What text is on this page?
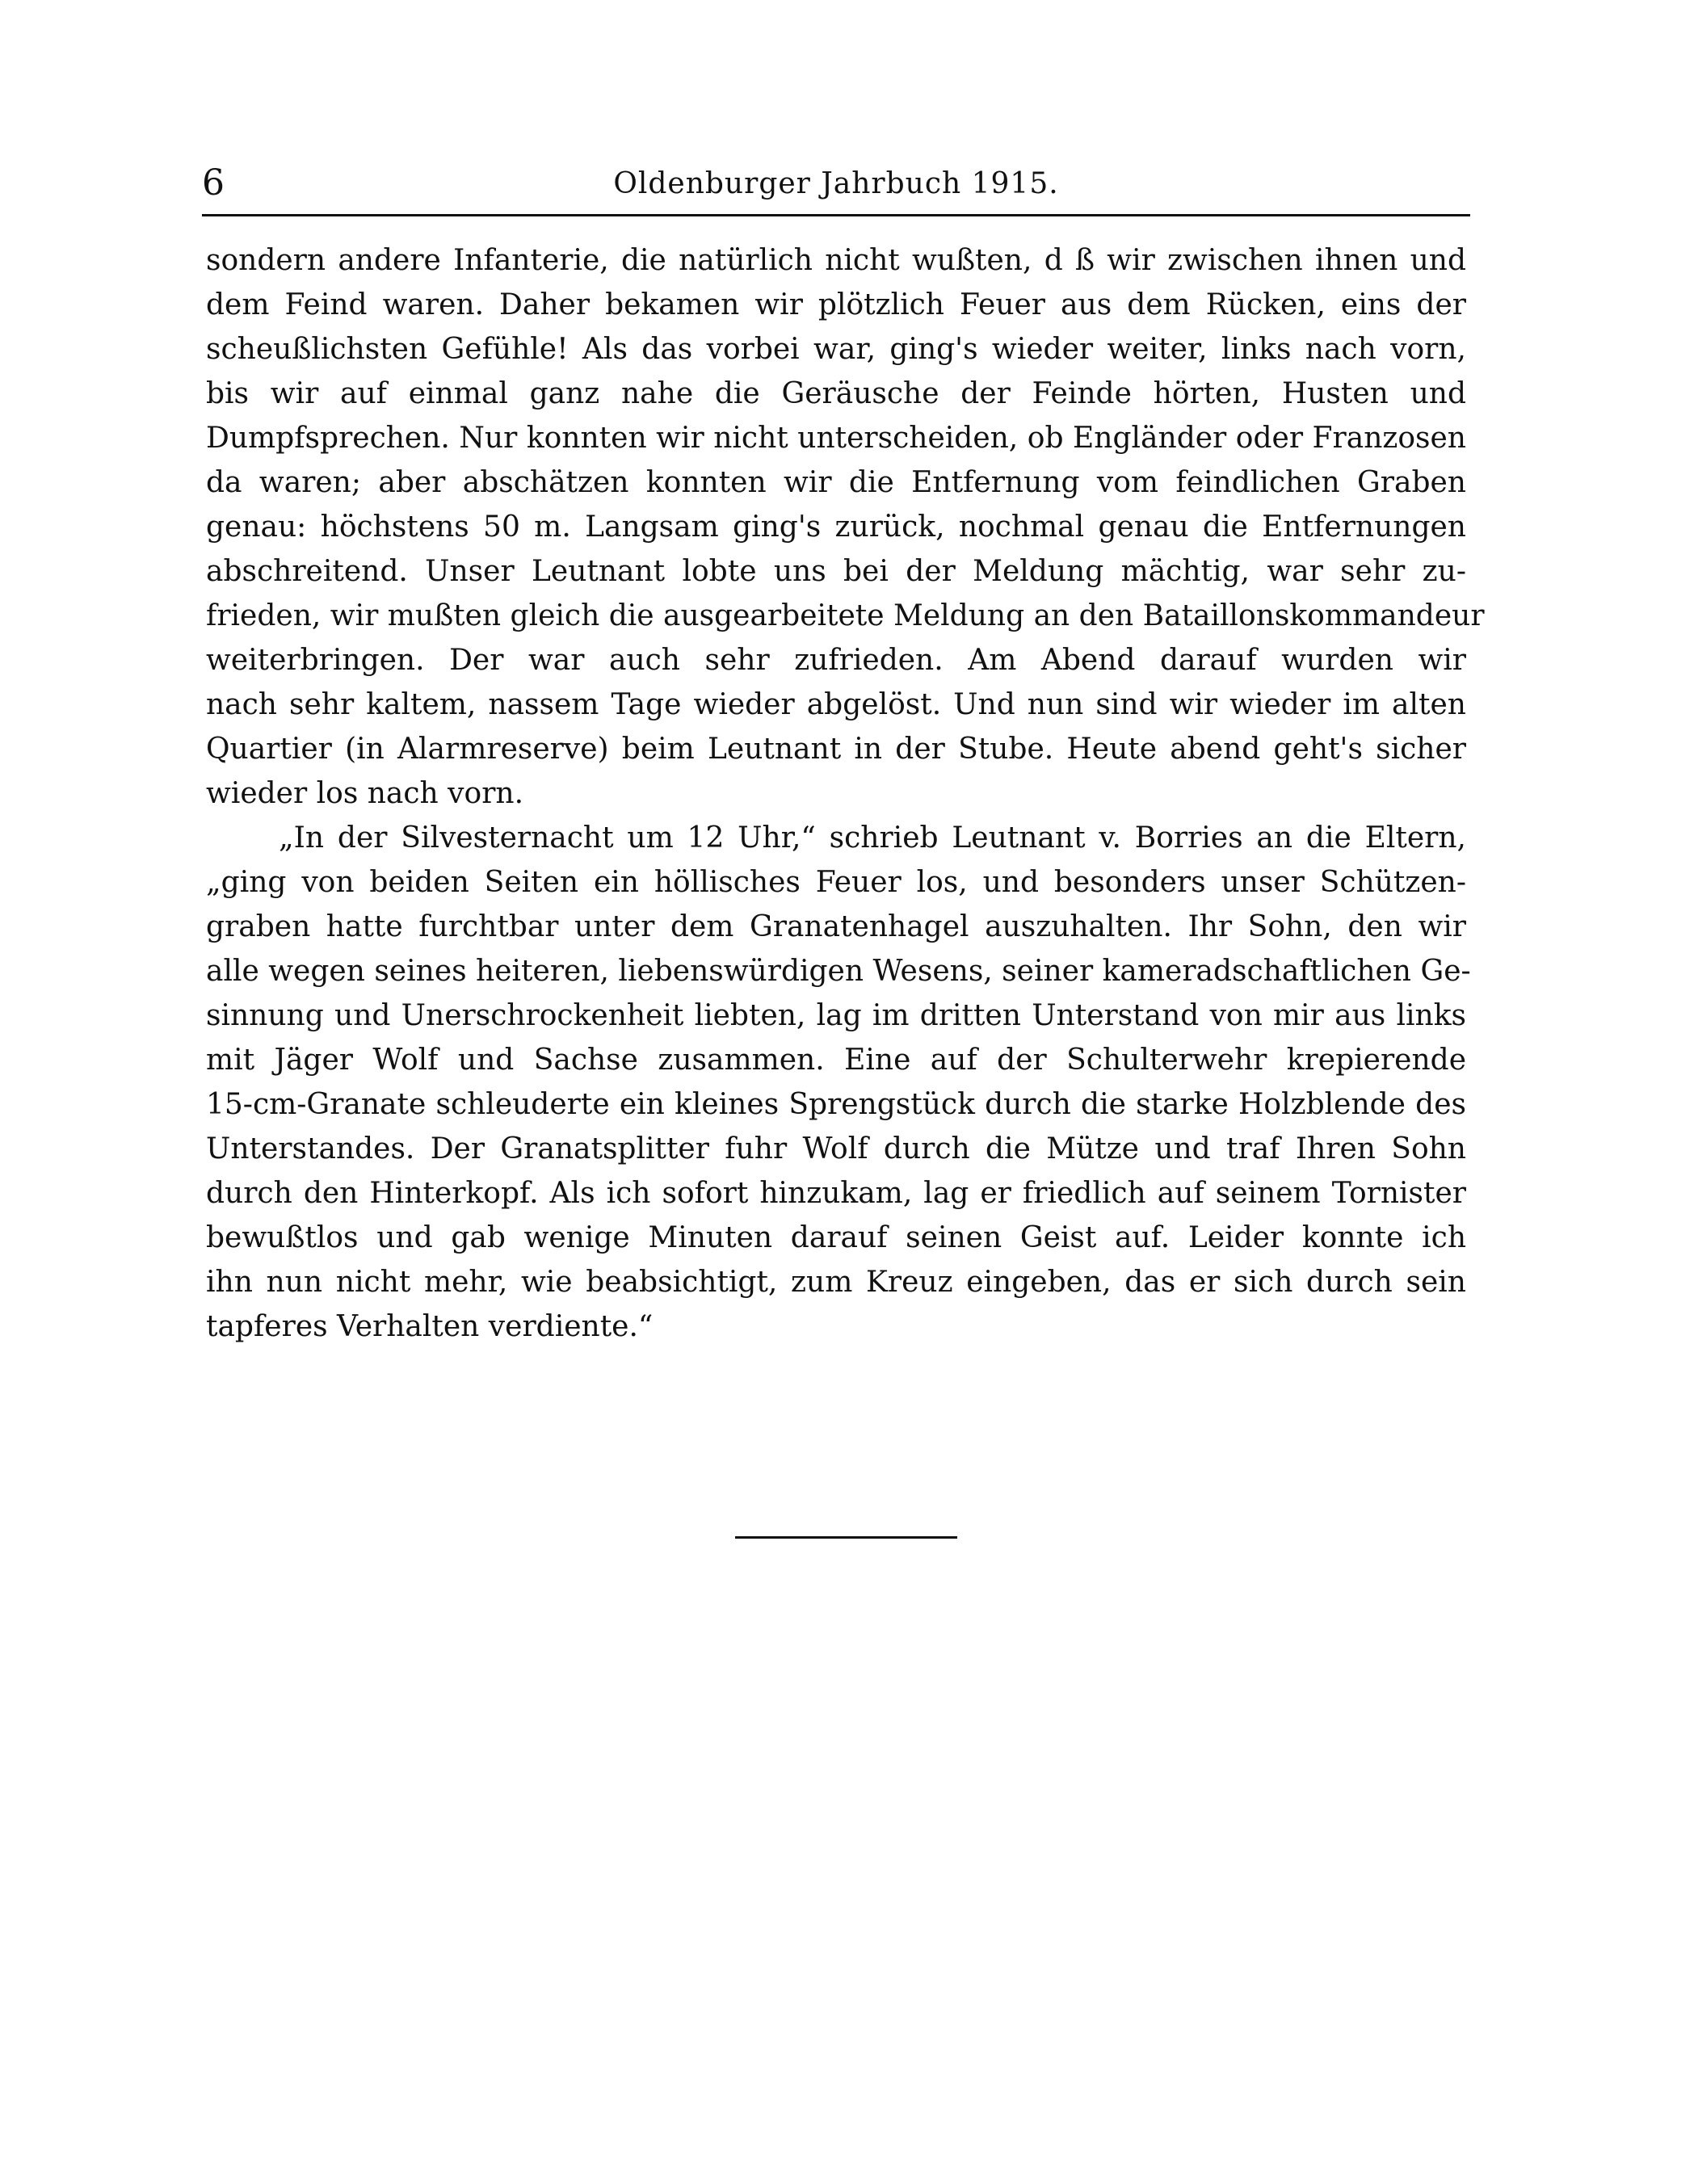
6	Oldenburger Jahrbuch 1915.
sondern andere Infanterie, die natürlich nicht wußten, d ß wir zwischen ihnen und
dem Feind waren. Daher bekamen wir plötzlich Feuer aus dem Rücken, eins der
scheußlichsten Gefühle! Als das vorbei war, ging's wieder weiter, links nach vorn,
bis wir auf einmal ganz nahe die Geräusche der Feinde hörten, Husten und
Dumpfsprechen. Nur konnten wir nicht unterscheiden, ob Engländer oder Franzosen
da waren; aber abschätzen konnten wir die Entfernung vom feindlichen Graben
genau: höchstens 50 m. Langsam ging's zurück, nochmal genau die Entfernungen
abschreitend. Unser Leutnant lobte uns bei der Meldung mächtig, war sehr zu-
frieden, wir mußten gleich die ausgearbeitete Meldung an den Bataillonskommandeur
weiterbringen. Der war auch sehr zufrieden. Am Abend darauf wurden wir
nach sehr kaltem, nassem Tage wieder abgelöst. Und nun sind wir wieder im alten
Quartier (in Alarmreserve) beim Leutnant in der Stube. Heute abend geht's sicher
wieder los nach vorn.
„In der Silvesternacht um 12 Uhr,“ schrieb Leutnant v. Borries an die Eltern,
„ging von beiden Seiten ein höllisches Feuer los, und besonders unser Schützen-
graben hatte furchtbar unter dem Granatenhagel auszuhalten. Ihr Sohn, den wir
alle wegen seines heiteren, liebenswürdigen Wesens, seiner kameradschaftlichen Ge-
sinnung und Unerschrockenheit liebten, lag im dritten Unterstand von mir aus links
mit Jäger Wolf und Sachse zusammen. Eine auf der Schulterwehr krepierende
15-cm-Granate schleuderte ein kleines Sprengstück durch die starke Holzblende des
Unterstandes. Der Granatsplitter fuhr Wolf durch die Mütze und traf Ihren Sohn
durch den Hinterkopf. Als ich sofort hinzukam, lag er friedlich auf seinem Tornister
bewußtlos und gab wenige Minuten darauf seinen Geist auf. Leider konnte ich
ihn nun nicht mehr, wie beabsichtigt, zum Kreuz eingeben, das er sich durch sein
tapferes Verhalten verdiente.“
